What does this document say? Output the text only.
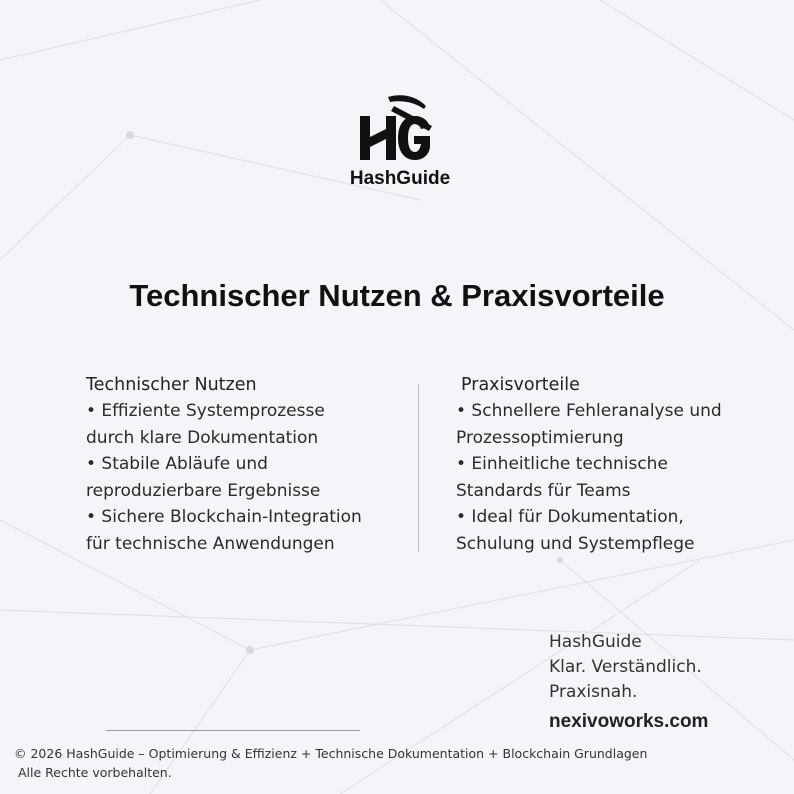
HashGuide
Technischer Nutzen & Praxisvorteile
Technischer Nutzen
• Effiziente Systemprozesse
durch klare Dokumentation
• Stabile Abläufe und
reproduzierbare Ergebnisse
• Sichere Blockchain-Integration
für technische Anwendungen
Praxisvorteile
• Schnellere Fehleranalyse und
Prozessoptimierung
• Einheitliche technische
Standards für Teams
• Ideal für Dokumentation,
Schulung und Systempflege
HashGuide
Klar. Verständlich.
Praxisnah.
nexivoworks.com
© 2026 HashGuide – Optimierung & Effizienz + Technische Dokumentation + Blockchain Grundlagen
Alle Rechte vorbehalten.
